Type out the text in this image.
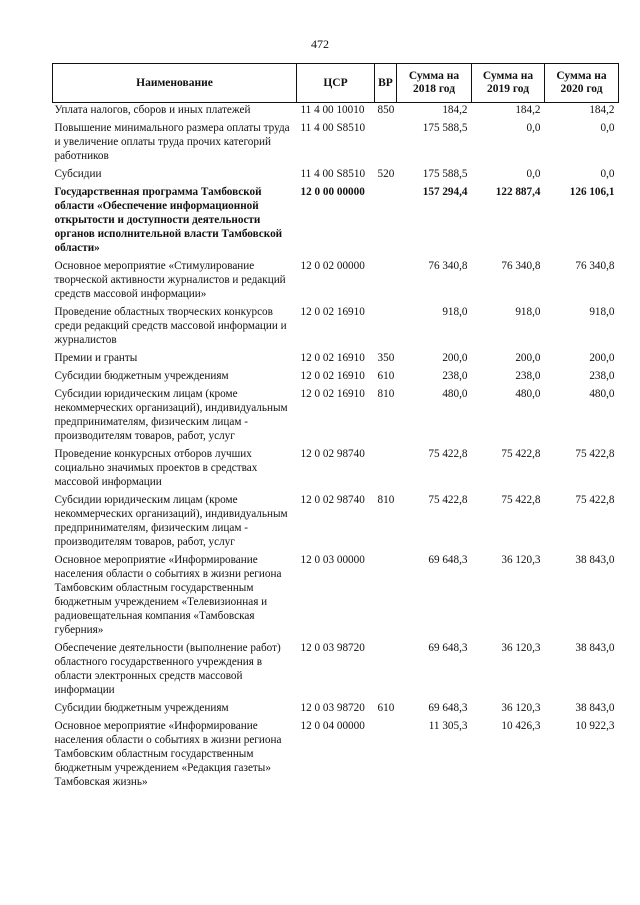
472
Наименование	ЦСР	ВР	Сумма на 2018 год	Сумма на 2019 год	Сумма на 2020 год
Уплата налогов, сборов и иных платежей	11 4 00 10010	850	184,2	184,2	184,2
Повышение минимального размера оплаты труда и увеличение оплаты труда прочих категорий работников	11 4 00 S8510		175 588,5	0,0	0,0
Субсидии	11 4 00 S8510	520	175 588,5	0,0	0,0
Государственная программа Тамбовской области «Обеспечение информационной открытости и доступности деятельности органов исполнительной власти Тамбовской области»	12 0 00 00000		157 294,4	122 887,4	126 106,1
Основное мероприятие «Стимулирование творческой активности журналистов и редакций средств массовой информации»	12 0 02 00000		76 340,8	76 340,8	76 340,8
Проведение областных творческих конкурсов среди редакций средств массовой информации и журналистов	12 0 02 16910		918,0	918,0	918,0
Премии и гранты	12 0 02 16910	350	200,0	200,0	200,0
Субсидии бюджетным учреждениям	12 0 02 16910	610	238,0	238,0	238,0
Субсидии юридическим лицам (кроме некоммерческих организаций), индивидуальным предпринимателям, физическим лицам - производителям товаров, работ, услуг	12 0 02 16910	810	480,0	480,0	480,0
Проведение конкурсных отборов лучших социально значимых проектов в средствах массовой информации	12 0 02 98740		75 422,8	75 422,8	75 422,8
Субсидии юридическим лицам (кроме некоммерческих организаций), индивидуальным предпринимателям, физическим лицам - производителям товаров, работ, услуг	12 0 02 98740	810	75 422,8	75 422,8	75 422,8
Основное мероприятие «Информирование населения области о событиях в жизни региона Тамбовским областным государственным бюджетным учреждением «Телевизионная и радиовещательная компания «Тамбовская губерния»	12 0 03 00000		69 648,3	36 120,3	38 843,0
Обеспечение деятельности (выполнение работ) областного государственного учреждения в области электронных средств массовой информации	12 0 03 98720		69 648,3	36 120,3	38 843,0
Субсидии бюджетным учреждениям	12 0 03 98720	610	69 648,3	36 120,3	38 843,0
Основное мероприятие «Информирование населения области о событиях в жизни региона Тамбовским областным государственным бюджетным учреждением «Редакция газеты» Тамбовская жизнь»	12 0 04 00000		11 305,3	10 426,3	10 922,3
